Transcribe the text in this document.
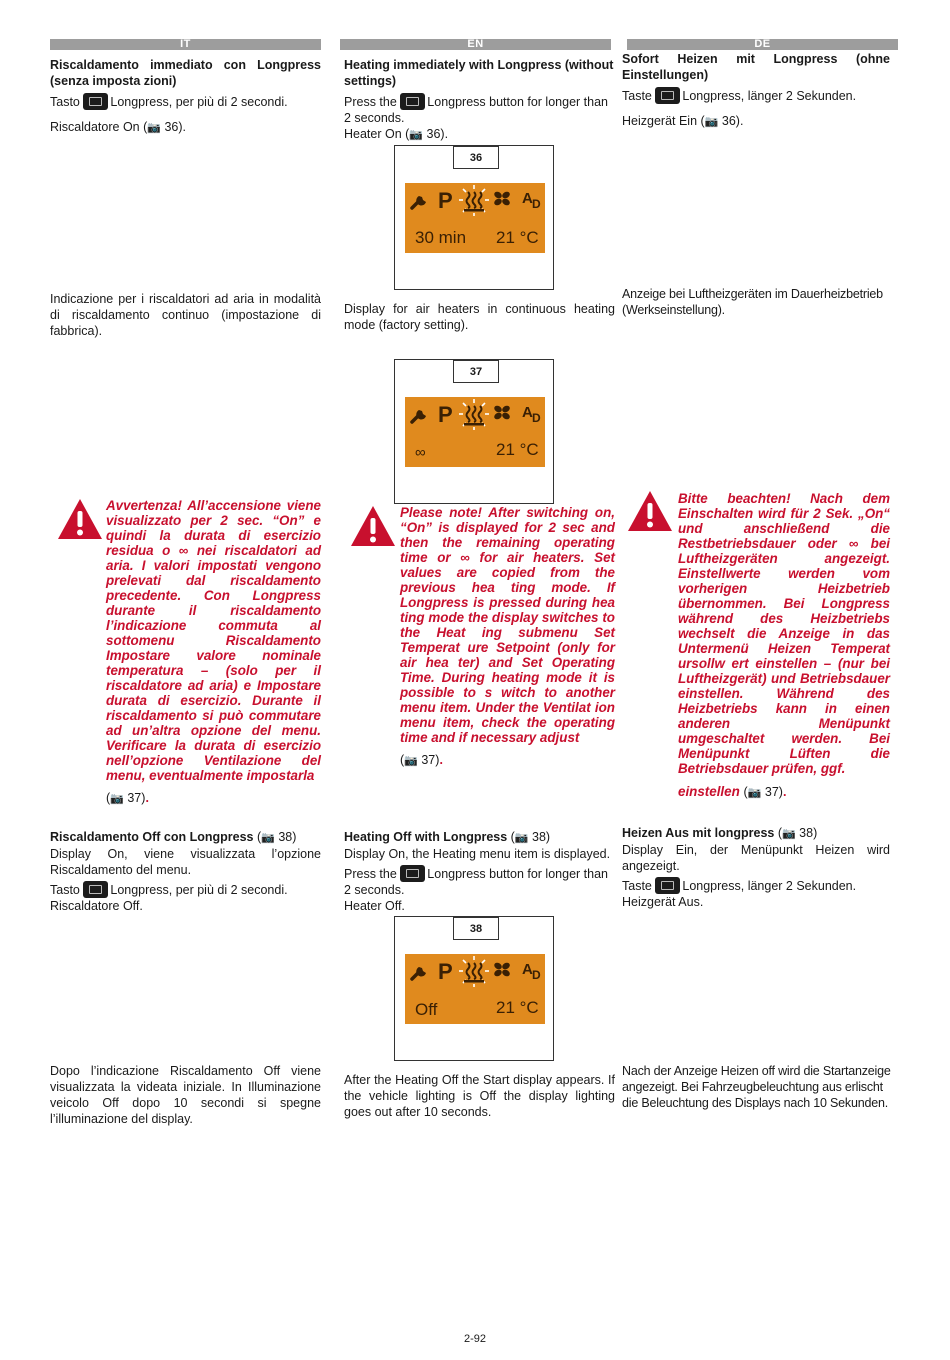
IT	EN	DE
Riscaldamento immediato con Longpress (senza imposta zioni)
Tasto Longpress, per più di 2 secondi.
Riscaldatore On (📷 36).
Indicazione per i riscaldatori ad aria in modalità di riscaldamento continuo (impostazione di fabbrica).
Avvertenza! All’accensione viene visualizzato per 2 sec. “On” e quindi la durata di esercizio residua o ∞ nei riscaldatori ad aria. I valori impostati vengono prelevati dal riscaldamento precedente. Con Longpress durante il riscaldamento l’indicazione commuta al sottomenu Riscaldamento Impostare valore nominale temperatura – (solo per il riscaldatore ad aria) e Impostare durata di esercizio. Durante il riscaldamento si può commutare ad un’altra opzione del menu. Verificare la durata di esercizio nell’opzione Ventilazione del menu, eventualmente impostarla
(📷 37).
Riscaldamento Off con Longpress (📷 38)
Display On, viene visualizzata l’opzione Riscaldamento del menu.
Tasto Longpress, per più di 2 secondi.
Riscaldatore Off.
Dopo l’indicazione Riscaldamento Off viene visualizzata la videata iniziale. In Illuminazione veicolo Off dopo 10 secondi si spegne l’illuminazione del display.
Heating immediately with Longpress (without settings)
Press the Longpress button for longer than 2 seconds.
Heater On (📷 36).
36
P	A D
30 min 21 °C
Display for air heaters in continuous heating mode (factory setting).
37
P	A D
∞	21 °C
Please note! After switching on, “On” is displayed for 2 sec and then the remaining operating time or ∞ for air heaters. Set values are copied from the previous hea ting mode. If Longpress is pressed during hea ting mode the display switches to the Heat ing submenu Set Temperat ure Setpoint (only for air hea ter) and Set Operating Time. During heating mode it is possible to s witch to another menu item. Under the Ventilat ion menu item, check the operating time and if necessary adjust
(📷 37).
Heating Off with Longpress (📷 38)
Display On, the Heating menu item is displayed.
Press the Longpress button for longer than 2 seconds.
Heater Off.
38
P	A D
Off	21 °C
After the Heating Off the Start display appears. If the vehicle lighting is Off the display lighting goes out after 10 seconds.
Sofort Heizen mit Longpress (ohne Einstellungen)
Taste Longpress, länger 2 Sekunden.
Heizgerät Ein (📷 36).
Anzeige bei Luftheizgeräten im Dauerheizbetrieb (Werkseinstellung).
Bitte beachten! Nach dem Einschalten wird für 2 Sek. „On“ und anschließend die Restbetriebsdauer oder ∞ bei Luftheizgeräten angezeigt. Einstellwerte werden vom vorherigen Heizbetrieb übernommen. Bei Longpress während des Heizbetriebs wechselt die Anzeige in das Untermenü Heizen Temperat ursollw ert einstellen – (nur bei Luftheizgerät) und Betriebsdauer einstellen. Während des Heizbetriebs kann in einen anderen Menüpunkt umgeschaltet werden. Bei Menüpunkt Lüften die Betriebsdauer prüfen, ggf.
einstellen (📷 37).
Heizen Aus mit longpress (📷 38)
Display Ein, der Menüpunkt Heizen wird angezeigt.
Taste Longpress, länger 2 Sekunden.
Heizgerät Aus.
Nach der Anzeige Heizen off wird die Startanzeige angezeigt. Bei Fahrzeugbeleuchtung aus erlischt die Beleuchtung des Displays nach 10 Sekunden.
2-92
